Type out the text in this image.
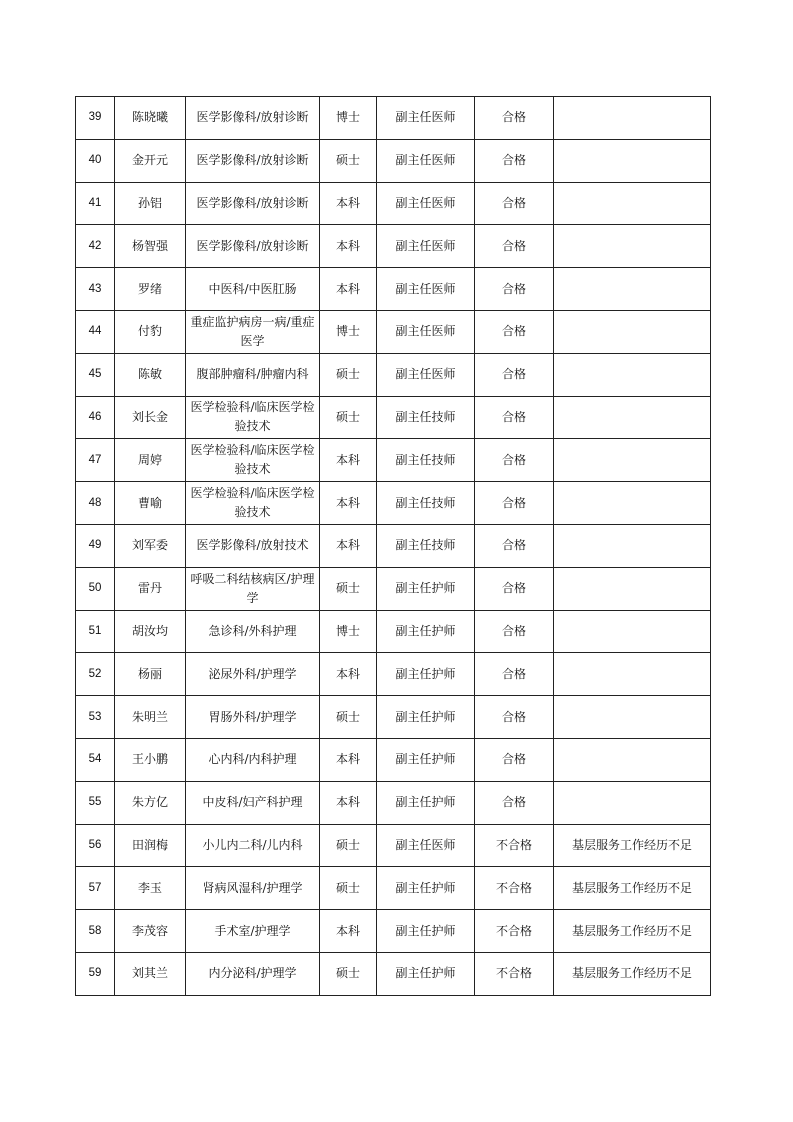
39	陈晓曦	医学影像科/放射诊断	博士	副主任医师	合格	
40	金开元	医学影像科/放射诊断	硕士	副主任医师	合格	
41	孙铝	医学影像科/放射诊断	本科	副主任医师	合格	
42	杨智强	医学影像科/放射诊断	本科	副主任医师	合格	
43	罗绪	中医科/中医肛肠	本科	副主任医师	合格	
44	付豹	重症监护病房一病/重症医学	博士	副主任医师	合格	
45	陈敏	腹部肿瘤科/肿瘤内科	硕士	副主任医师	合格	
46	刘长金	医学检验科/临床医学检验技术	硕士	副主任技师	合格	
47	周婷	医学检验科/临床医学检验技术	本科	副主任技师	合格	
48	曹喻	医学检验科/临床医学检验技术	本科	副主任技师	合格	
49	刘军委	医学影像科/放射技术	本科	副主任技师	合格	
50	雷丹	呼吸二科结核病区/护理学	硕士	副主任护师	合格	
51	胡汝均	急诊科/外科护理	博士	副主任护师	合格	
52	杨丽	泌尿外科/护理学	本科	副主任护师	合格	
53	朱明兰	胃肠外科/护理学	硕士	副主任护师	合格	
54	王小鹏	心内科/内科护理	本科	副主任护师	合格	
55	朱方亿	中皮科/妇产科护理	本科	副主任护师	合格	
56	田润梅	小儿内二科/儿内科	硕士	副主任医师	不合格	基层服务工作经历不足
57	李玉	肾病风湿科/护理学	硕士	副主任护师	不合格	基层服务工作经历不足
58	李茂容	手术室/护理学	本科	副主任护师	不合格	基层服务工作经历不足
59	刘其兰	内分泌科/护理学	硕士	副主任护师	不合格	基层服务工作经历不足
